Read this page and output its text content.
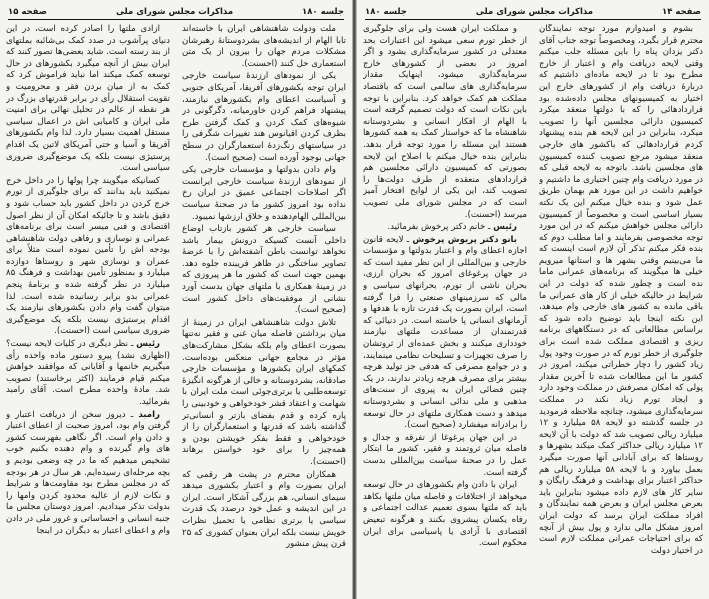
صفحه ۱۵	مذاکرات مجلس شورای ملی	جلسه ۱۸۰

ملت ودولت شاهنشاهی ایران با خاسته‌اند تابا الهام از اندیشه‌های بشردوستانهٔ رهبرشان مشکلات مردم جهان را بیرون از یک متن استعماری حل کنند (احسنت).

یکی از نمودهای ارزندهٔ سیاست خارجی ایران توجه بکشورهای آفریقا، آمریکای جنوبی و آسیاست اعطای وام بکشورهای نیازمند، پیشنهاد فراهم کردن خاورمیانه، دگرگونی در شیوه‌های کمک کردن و کمک گرفتن طرح بطرف کردن اقیانوس هند تغییرات شگرفی را در سیاستهای زنگ‌زدهٔ استعمارگران در سطح جهانی بوجود آورده است (صحیح است).

وام دادن بدولتها و مؤسسات خارجی یکی از نمودهای ارزندهٔ سیاست خارجی ایرانست اگر اصلاحات اجتماعی عمیق در ایران رخ نداده بود امروز کشور ما در صحنهٔ سیاست بین‌المللی الهام‌دهنده و خلاق ارزشها نمیبود.

سیاست خارجی هر کشور بازتاب اوضاع داخلی آنست کسیکه درونش بیمار باشد نخواهد توانست باطن آشفته‌اش را با عرضهٔ تصاویر ساختگی در ظاهر فریبنده جلوه دهد. بهمین جهت است که کشور ما هر پیروزی که در زمینهٔ همکاری با ملتهای جهان بدست آورد نشانی از موفقیت‌های داخل کشور است (صحیح است).

تلاش دولت شاهنشاهی ایران در زمینهٔ از میان برداشتن فاصله میان غنی و فقیر نه‌تنها بصورت اعطای وام بلکه بشکل مشارکت‌های مؤثر در مجامع جهانی منعکس بوده‌است. کمکهای ایران بکشورها و مؤسسات خارجی صادقانه، بشردوستانه و خالی از هرگونه انگیزهٔ توسعه‌طلبی یا برتری‌جوئی است ملت ایران با شهامت و اعتقاد قشر خودخواهی و خودبینی را پاره کرده و قدم بفضای بازتر و انسانی‌تر گذاشته باشد که قدرتها و استعمارگران را از خودخواهی و فقط بفکر خویشتن بودن و همه‌چیز را برای خود خواستن برهاند (احسنت).

همکاران محترم در پشت هر رقمی که ایران بصورت وام و اعتبار بکشوری میدهد سیمای انسانی، هم بزرگی آشکار است. ایران در این اندیشه و عمل خود درصدد یک قدرت سیاسی یا برتری نظامی یا تحمیل نظرات خویش نیست بلکه ایران بعنوان کشوری که ۲۵ قرن پیش منشور

آزادی ملتها را اصادر کرده است، در این دنیای پرآشوب در صدد کمک بی‌شائبه بملتهای از بند رسته است. شاید بعضی‌ها تصور کنند که ایران بیش از آنچه میگیرد بکشورهای در حال توسعه کمک میکند اما نباید فراموش کرد که کمک به از میان بردن فقر و محرومیت و تقویت استقلال رأی در برابر قدرتهای بزرگ در هر نقطه از عالم در تحلیل نهائی برای امنیت ملی ایران و کامیابی اش در اعمال سیاسی مستقل اهمیت بسیار دارد. لذا وام بکشورهای آفریقا و آسیا و حتی آمریکای لاتین یک اقدام پرستیژی نیست بلکه یک موضع‌گیری ضروری سیاسی است.

کسانیکه میگویند چرا پولها را در داخل خرج نمیکنید باید بدانند که برای جلوگیری از تورم خرج کردن در داخل کشور باید حساب شود و دقیق باشد و تا جائیکه امکان آن از نظر اصول اقتصادی و فنی میسر است برای برنامه‌های عمرانی و نوسازی و رفاهی دولت شاهنشاهی بودجه اش را تأمین نموده است مثلاً برای عمران و نوسازی شهر و روستاها دوازده میلیارد و بمنظور تأمین بهداشت و فرهنگ ۸۵ میلیارد در نظر گرفته شده و برنامهٔ پنجم عمرانی بدو برابر رسانیده شده است. لذا میتوان گفت وام دادن بکشورهای نیازمند یک اقدام پرستیژی نیست بلکه یک موضع‌گیری ضروری سیاسی است (احسنت).

رئیس ـ نظر دیگری در کلیات لایحه نیست؟ (اظهاری نشد) پیرو دستور ماده واحده رأی میگیریم خانمها و آقایانی که موافقند خواهش میکنم قیام فرمایند (اکثر برخاستند) تصویب شد. مادهٔ واحده مطرح است. آقای رامبد بفرمائید.

رامبد ـ دیروز سخن از دریافت اعتبار و گرفتن وام بود، امروز صحبت از اعطای اعتبار و دادن وام است. اگر نگاهی بفهرست کشور های وام گیرنده و وام دهنده بکنیم خوب تشخیص میدهیم که ما در چه وضعی بودیم و بچه مرحله‌ای رسیده‌ایم. هر سال در هر بودجه که در مجلس مطرح بود مقاومت‌ها و شرایط و نکات لازم از عالیه محدود کردن وامها را بدولت تذکر میدادیم. امروز دوستان مجلس ما جنبه انسانی و احساساتی و غرور ملی در دادن وام و اعطای اعتبار به دیگران در اینجا

جلسه ۱۸۰	مذاکرات مجلس شورای ملی	صفحه ۱۴

بشوم و امیدوارم مورد توجه نمایندگان محترم قرار بگیرد، ومخصوصاً توجه جناب آقای دکتر یزدان پناه را باین مسئله جلب میکنم وقتی لایحه دریافت وام و اعتبار از خارج مطرح بود تا در لایحه ماده‌ای داشتیم که دربارهٔ دریافت وام از کشورهای خارج این اختیار به کمیسیونهای مجلس داده‌شده بود قراردادهائی را که با دولتها منعقد میکرد کمیسیون دارائی مجلسین آنها را تصویب میکرد، بنابراین در این لایحه هم بنده پیشنهاد کردم قراردادهائی که باکشور های خارجی منعقد میشود مرجع تصویب کننده کمیسیون های مجلسین باشد. باتوجه به لایحه قبلی که در مورد دریافت وام چنین اختیاری ما داشتیم و خواهیم داشت در این مورد هم بهمان طریق عمل شود و بنده خیال میکنم این یک نکته بسیار اساسی است و مخصوصاً از کمیسیون دارائی مجلس خواهش میکنم که در این مورد توجه مخصوصی بفرمایند و اما مطلب دوم که بنده فکر میکنم تذکر آن لازم است اینست که ما می‌بینیم وقتی بشهر ها و استانها میرویم خیلی ها میگویند که برنامه‌های عمرانی ماما نده است و چطور شده که دولت در این شرایط در حالیکه خیلی از کار های عمرانی ما باقی مانده به کشور های خارجی وام میدهد، این نکته اینجا باید توضیح داده شود که براساس مطالعاتی که در دستگاههای برنامه ریزی و اقتصادی مملکت شده است برای جلوگیری از خطر تورم که در صورت وجود پول زیاد کشور را دچار خطراتی میکند، امروز در کشور ما این مطالعات شده تا آخرین مقدار پولی که امکان مصرفش در مملکت وجود دارد و ایجاد تورم زیاد نکند در مملکت سرمایه‌گذاری میشود، چنانچه ملاحظه فرمودید در جلسه گذشته دو لایحه ۵۸ میلیارد و ۱۲ میلیارد ریالی تصویب شد که دولت با آن لایحه ۱۲ میلیارد ریالی حداکثر کمک میکند بشهرها و روستاها که برای آبادانی آنها صورت میگیرد بعمل بیاورد و با لایحه ۵۸ میلیارد ریالی هم حداکثر اعتبار برای بهداشت و فرهنگ رایگان و سایر کار های لازم داده میشود بنابراین باید بعرض مجلس ایران و بعرض همه نمایندگان و افراد مملکت ایران برسد که دولت ایران امروز مشکل مالی ندارد و پول بیش از آنچه که برای احتیاجات عمرانی مملکت لازم است در اختیار دولت

و مملکت ایران هست ولی برای جلوگیری از خطر تورم سعی میشود این اعتبارات بحد معتدلی در کشور سرمایه‌گذاری بشود و اگر امروز در بعضی از کشورهای خارج سرمایه‌گذاری میشود، اینهایک مقدار سرمایه‌گذاری های سالمی است که باقتصاد مملکت هم کمک خواهد کرد. بنابراین با توجه باین نکات است که دولت تصمیم گرفته است با الهام از افکار انسانی و بشردوستانه شاهنشاه ما که خواستار کمک به همه کشورها هستند این مسئله را مورد توجه قرار بدهد. بنابراین بنده خیال میکنم با اصلاح این لایحه بصورتی که کمیسیون دارائی مجلسین هم قراردادهای منعقده از طرف دولت‌ها را تصویب کند، این یکی از لوایح افتخار آمیز است که در مجلس شورای ملی تصویب میرسد (احسنت).

رئیس ـ خانم دکتر پرخوش بفرمائید.

بانو دکتر پریوش پرخوش ـ لایحه قانون اجازه اعطای وام و اعتبار بدولتها و مؤسسات خارجی و بین‌المللی از این نظر مفید است که در جهان پرغوغای امروز که بحران ارزی، بحران ناشی از تورم، بحرانهای سیاسی و مالی که سرزمینهای صنعتی را فرا گرفته است، ایران بصورت یک قدرت تازه با هدفها و آرمانهای انسانی پا خاسته است. در دنیائی که قدرتمندان از مساعدت ملتهای نیازمند خودداری میکنند و بخش عمده‌ای از ثروتشان را صرف تجهیزات و تسلیحات نظامی مینمایند، و در جوامع مصرفی که هدفی جز تولید هرچه بیشتر برای مصرف هرچه زیادتر ندارند، در یک چنین فضائی ایران به پیروی از سنت‌های مذهبی و ملی ندائی انسانی و بشردوستانه میدهد و دست همکاری ملتهای در حال توسعه را برادرانه میفشارد (صحیح است).

در این جهان پرغوغا از تفرقه و جدال و فاصله میان ثروتمند و فقیر، کشور ما ابتکار عمل را در صحنهٔ سیاست بین‌المللی بدست گرفته است.

ایران با دادن وام بکشورهای در حال توسعه میخواهد از اختلافات و فاصله میان ملتها بکاهد باید که ملتها بسوی تعمیم عدالت اجتماعی و رفاه یکسان پیشروی بکنند و هرگونه تبعیض اقتصادی با آزادی یا پاسیاسی برای ایران محکوم است.
